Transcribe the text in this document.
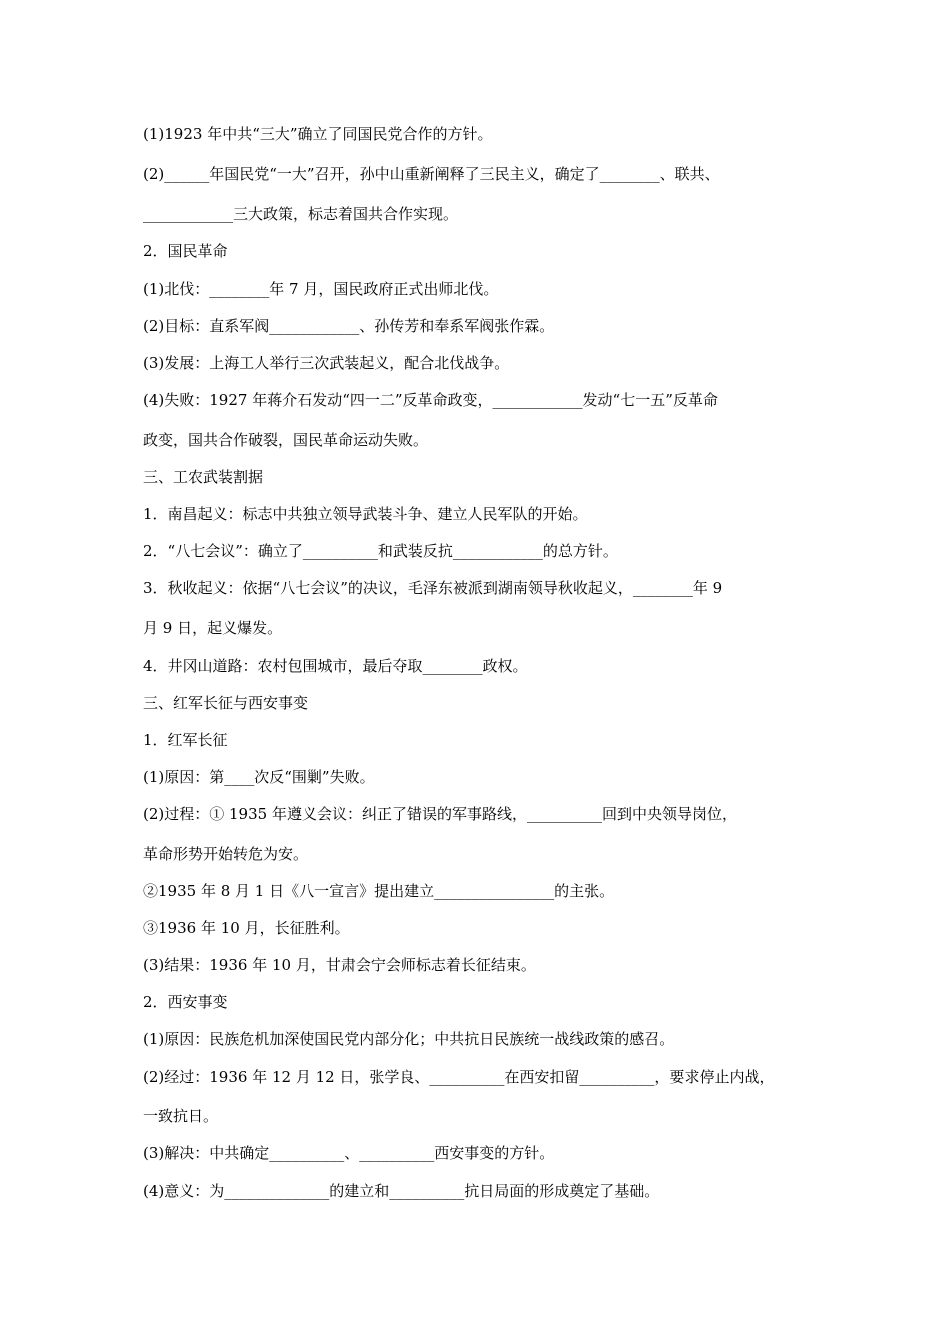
(1)1923 年中共“三大”确立了同国民党合作的方针。
(2)______年国民党“一大”召开，孙中山重新阐释了三民主义，确定了________、联共、
____________三大政策，标志着国共合作实现。
2．国民革命
(1)北伐：________年 7 月，国民政府正式出师北伐。
(2)目标：直系军阀____________、孙传芳和奉系军阀张作霖。
(3)发展：上海工人举行三次武装起义，配合北伐战争。
(4)失败：1927 年蒋介石发动“四一二”反革命政变，____________发动“七一五”反革命
政变，国共合作破裂，国民革命运动失败。
三、工农武装割据
1．南昌起义：标志中共独立领导武装斗争、建立人民军队的开始。
2．“八七会议”：确立了__________和武装反抗____________的总方针。
3．秋收起义：依据“八七会议”的决议，毛泽东被派到湖南领导秋收起义，________年 9
月 9 日，起义爆发。
4．井冈山道路：农村包围城市，最后夺取________政权。
三、红军长征与西安事变
1．红军长征
(1)原因：第____次反“围剿”失败。
(2)过程：① 1935 年遵义会议：纠正了错误的军事路线，__________回到中央领导岗位，
革命形势开始转危为安。
②1935 年 8 月 1 日《八一宣言》提出建立________________的主张。
③1936 年 10 月，长征胜利。
(3)结果：1936 年 10 月，甘肃会宁会师标志着长征结束。
2．西安事变
(1)原因：民族危机加深使国民党内部分化；中共抗日民族统一战线政策的感召。
(2)经过：1936 年 12 月 12 日，张学良、__________在西安扣留__________，要求停止内战，
一致抗日。
(3)解决：中共确定__________、__________西安事变的方针。
(4)意义：为______________的建立和__________抗日局面的形成奠定了基础。
